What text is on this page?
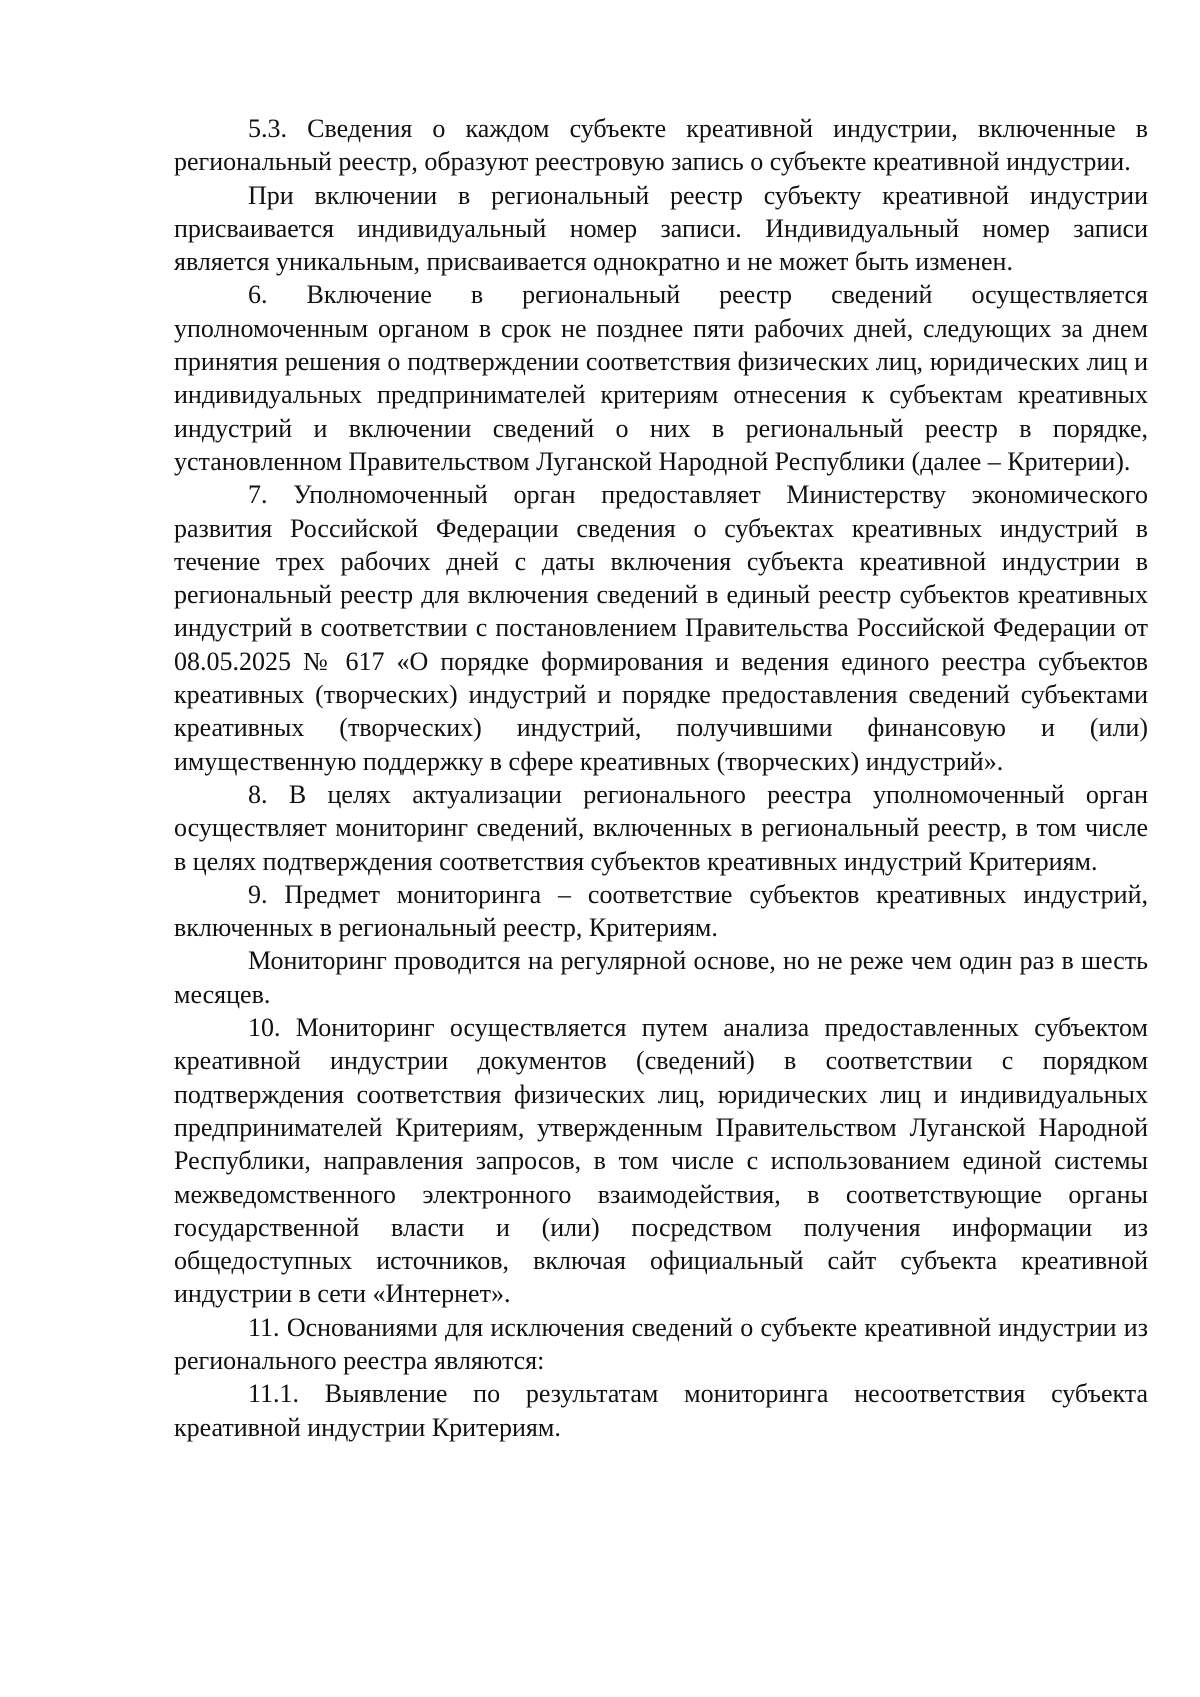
5.3. Сведения о каждом субъекте креативной индустрии, включенные в региональный реестр, образуют реестровую запись о субъекте креативной индустрии.

При включении в региональный реестр субъекту креативной индустрии присваивается индивидуальный номер записи. Индивидуальный номер записи является уникальным, присваивается однократно и не может быть изменен.

6. Включение в региональный реестр сведений осуществляется уполномоченным органом в срок не позднее пяти рабочих дней, следующих за днем принятия решения о подтверждении соответствия физических лиц, юридических лиц и индивидуальных предпринимателей критериям отнесения к субъектам креативных индустрий и включении сведений о них в региональный реестр в порядке, установленном Правительством Луганской Народной Республики (далее – Критерии).

7. Уполномоченный орган предоставляет Министерству экономического развития Российской Федерации сведения о субъектах креативных индустрий в течение трех рабочих дней с даты включения субъекта креативной индустрии в региональный реестр для включения сведений в единый реестр субъектов креативных индустрий в соответствии с постановлением Правительства Российской Федерации от 08.05.2025 № 617 «О порядке формирования и ведения единого реестра субъектов креативных (творческих) индустрий и порядке предоставления сведений субъектами креативных (творческих) индустрий, получившими финансовую и (или) имущественную поддержку в сфере креативных (творческих) индустрий».

8. В целях актуализации регионального реестра уполномоченный орган осуществляет мониторинг сведений, включенных в региональный реестр, в том числе в целях подтверждения соответствия субъектов креативных индустрий Критериям.

9. Предмет мониторинга – соответствие субъектов креативных индустрий, включенных в региональный реестр, Критериям.

Мониторинг проводится на регулярной основе, но не реже чем один раз в шесть месяцев.

10. Мониторинг осуществляется путем анализа предоставленных субъектом креативной индустрии документов (сведений) в соответствии с порядком подтверждения соответствия физических лиц, юридических лиц и индивидуальных предпринимателей Критериям, утвержденным Правительством Луганской Народной Республики, направления запросов, в том числе с использованием единой системы межведомственного электронного взаимодействия, в соответствующие органы государственной власти и (или) посредством получения информации из общедоступных источников, включая официальный сайт субъекта креативной индустрии в сети «Интернет».

11. Основаниями для исключения сведений о субъекте креативной индустрии из регионального реестра являются:

11.1. Выявление по результатам мониторинга несоответствия субъекта креативной индустрии Критериям.
